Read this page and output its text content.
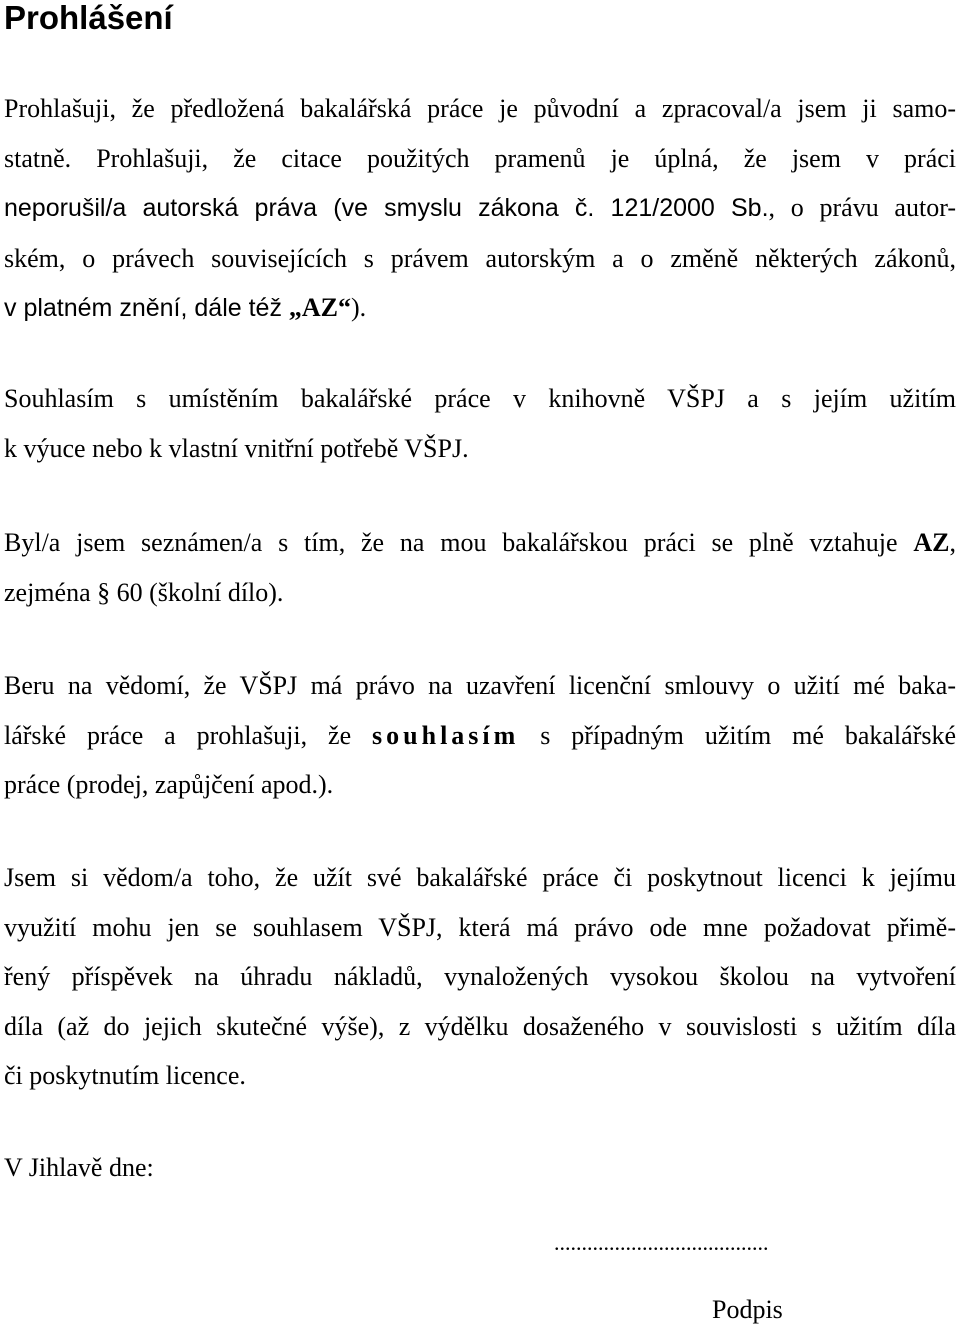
Prohlášení

Prohlašuji, že předložená bakalářská práce je původní a zpracoval/a jsem ji samo-
statně. Prohlašuji, že citace použitých pramenů je úplná, že jsem v práci
neporušil/a autorská práva (ve smyslu zákona č. 121/2000 Sb., o právu autor-
ském, o právech souvisejících s právem autorským a o změně některých zákonů,
v platném znění, dále též „AZ“).

Souhlasím s umístěním bakalářské práce v knihovně VŠPJ a s jejím užitím
k výuce nebo k vlastní vnitřní potřebě VŠPJ.

Byl/a jsem seznámen/a s tím, že na mou bakalářskou práci se plně vztahuje AZ,
zejména § 60 (školní dílo).

Beru na vědomí, že VŠPJ má právo na uzavření licenční smlouvy o užití mé baka-
lářské práce a prohlašuji, že souhlasím s případným užitím mé bakalářské
práce (prodej, zapůjčení apod.).

Jsem si vědom/a toho, že užít své bakalářské práce či poskytnout licenci k jejímu
využití mohu jen se souhlasem VŠPJ, která má právo ode mne požadovat přimě-
řený příspěvek na úhradu nákladů, vynaložených vysokou školou na vytvoření
díla (až do jejich skutečné výše), z výdělku dosaženého v souvislosti s užitím díla
či poskytnutím licence.

V Jihlavě dne:

.......................................

Podpis
